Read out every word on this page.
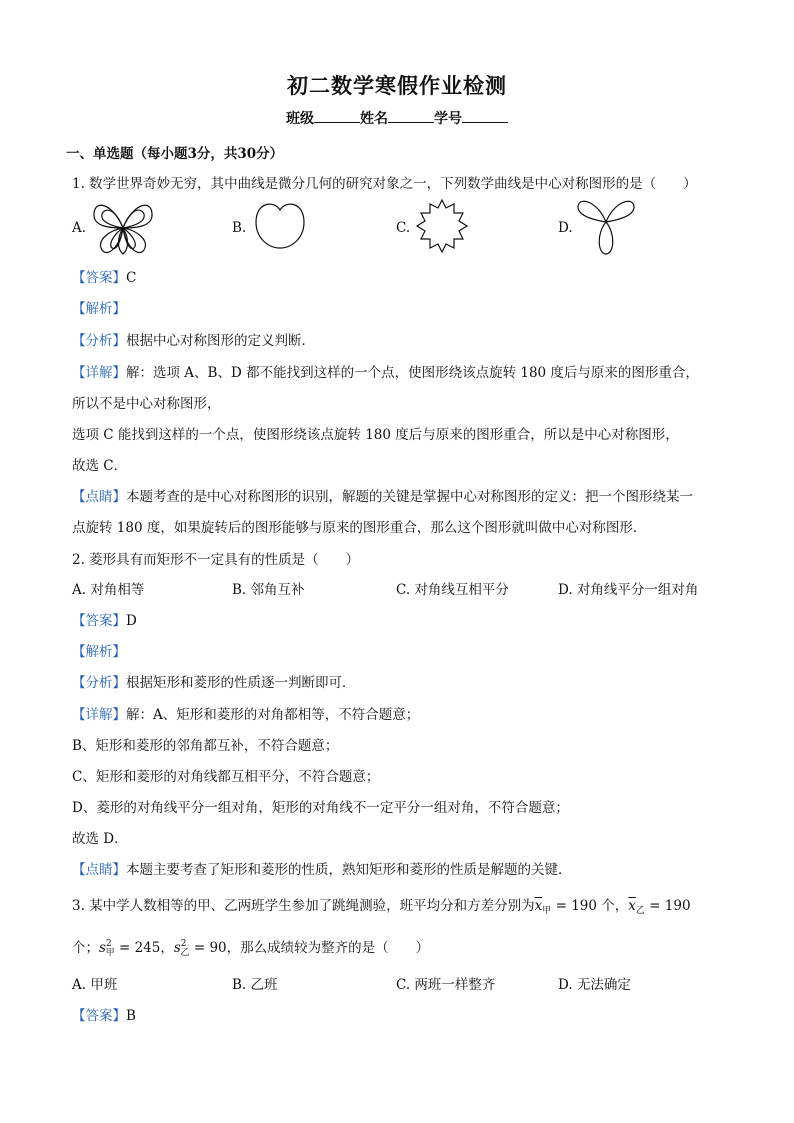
初二数学寒假作业检测
班级	姓名	学号
一、单选题（每小题3分，共30分）
1. 数学世界奇妙无穷，其中曲线是微分几何的研究对象之一，下列数学曲线是中心对称图形的是（　　）
A.	B.	C.	D.
【答案】C
【解析】
【分析】根据中心对称图形的定义判断．
【详解】解：选项 A、B、D 都不能找到这样的一个点，使图形绕该点旋转 180 度后与原来的图形重合，
所以不是中心对称图形，
选项 C 能找到这样的一个点，使图形绕该点旋转 180 度后与原来的图形重合，所以是中心对称图形，
故选 C．
【点睛】本题考查的是中心对称图形的识别，解题的关键是掌握中心对称图形的定义：把一个图形绕某一
点旋转 180 度，如果旋转后的图形能够与原来的图形重合，那么这个图形就叫做中心对称图形．
2. 菱形具有而矩形不一定具有的性质是（　　）
A. 对角相等	B. 邻角互补	C. 对角线互相平分	D. 对角线平分一组对角
【答案】D
【解析】
【分析】根据矩形和菱形的性质逐一判断即可．
【详解】解：A、矩形和菱形的对角都相等，不符合题意；
B、矩形和菱形的邻角都互补，不符合题意；
C、矩形和菱形的对角线都互相平分，不符合题意；
D、菱形的对角线平分一组对角，矩形的对角线不一定平分一组对角，不符合题意；
故选 D．
【点睛】本题主要考查了矩形和菱形的性质，熟知矩形和菱形的性质是解题的关键．
3. 某中学人数相等的甲、乙两班学生参加了跳绳测验，班平均分和方差分别为$\overline{x}_甲 = 190$ 个，$\overline{x}_乙 = 190$
个；$s^2_甲 = 245$，$s^2_乙 = 90$，那么成绩较为整齐的是（　　）
A. 甲班	B. 乙班	C. 两班一样整齐	D. 无法确定
【答案】B
